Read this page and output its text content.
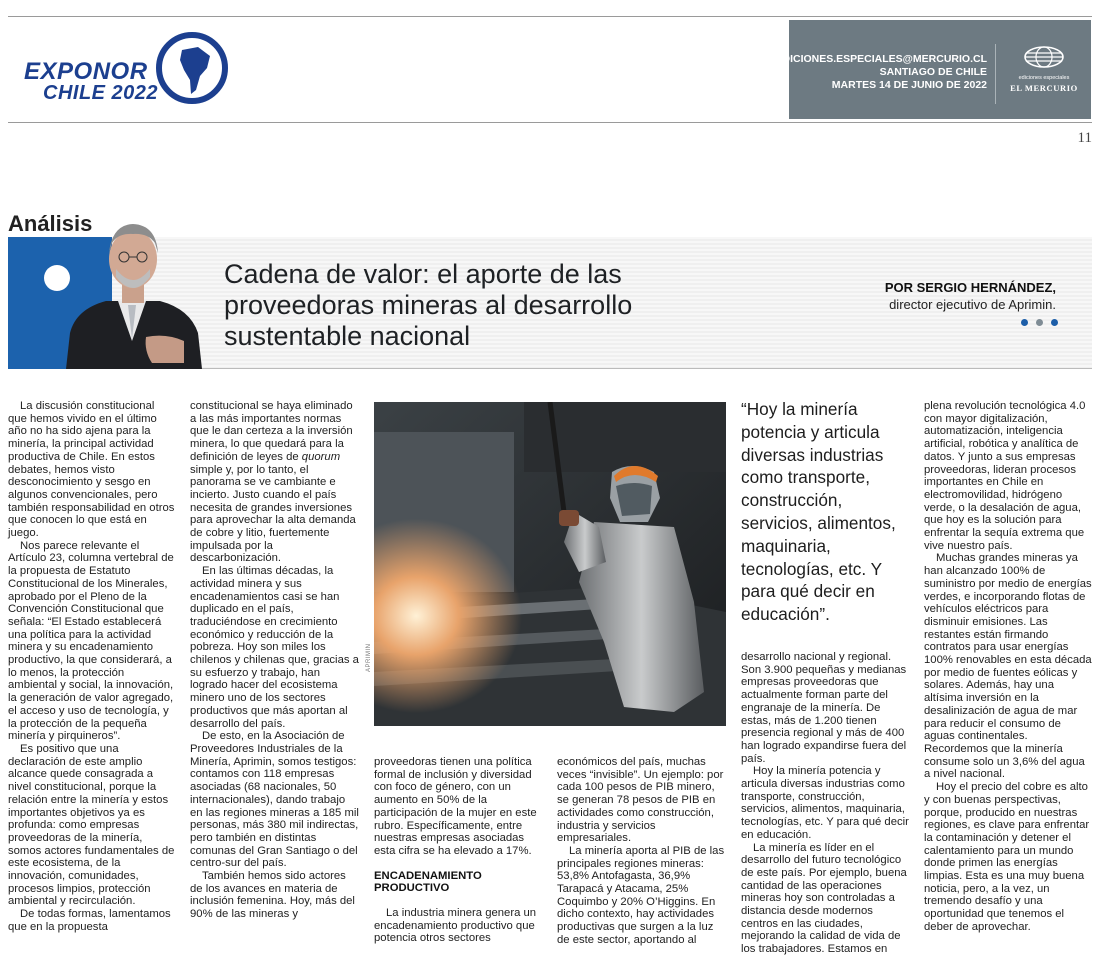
EXPONOR
CHILE 2022
EDICIONES.ESPECIALES@MERCURIO.CL
SANTIAGO DE CHILE
MARTES 14 DE JUNIO DE 2022
ediciones especiales
EL MERCURIO
11
Análisis
Cadena de valor: el aporte de las proveedoras mineras al desarrollo sustentable nacional
POR SERGIO HERNÁNDEZ,
director ejecutivo de Aprimin.

La discusión constitucional que hemos vivido en el último año no ha sido ajena para la minería, la principal actividad productiva de Chile. En estos debates, hemos visto desconocimiento y sesgo en algunos convencionales, pero también responsabilidad en otros que conocen lo que está en juego.

Nos parece relevante el Artículo 23, columna vertebral de la propuesta de Estatuto Constitucional de los Minerales, aprobado por el Pleno de la Convención Constitucional que señala: “El Estado establecerá una política para la actividad minera y su encadenamiento productivo, la que considerará, a lo menos, la protección ambiental y social, la innovación, la generación de valor agregado, el acceso y uso de tecnología, y la protección de la pequeña minería y pirquineros”.

Es positivo que una declaración de este amplio alcance quede consagrada a nivel constitucional, porque la relación entre la minería y estos importantes objetivos ya es profunda: como empresas proveedoras de la minería, somos actores fundamentales de este ecosistema, de la innovación, comunidades, procesos limpios, protección ambiental y recirculación.

De todas formas, lamentamos que en la propuesta

constitucional se haya eliminado a las más importantes normas que le dan certeza a la inversión minera, lo que quedará para la definición de leyes de quorum simple y, por lo tanto, el panorama se ve cambiante e incierto. Justo cuando el país necesita de grandes inversiones para aprovechar la alta demanda de cobre y litio, fuertemente impulsada por la descarbonización.

En las últimas décadas, la actividad minera y sus encadenamientos casi se han duplicado en el país, traduciéndose en crecimiento económico y reducción de la pobreza. Hoy son miles los chilenos y chilenas que, gracias a su esfuerzo y trabajo, han logrado hacer del ecosistema minero uno de los sectores productivos que más aportan al desarrollo del país.

De esto, en la Asociación de Proveedores Industriales de la Minería, Aprimin, somos testigos: contamos con 118 empresas asociadas (68 nacionales, 50 internacionales), dando trabajo en las regiones mineras a 185 mil personas, más 380 mil indirectas, pero también en distintas comunas del Gran Santiago o del centro-sur del país.

También hemos sido actores de los avances en materia de inclusión femenina. Hoy, más del 90% de las mineras y

APRIMIN

proveedoras tienen una política formal de inclusión y diversidad con foco de género, con un aumento en 50% de la participación de la mujer en este rubro. Específicamente, entre nuestras empresas asociadas esta cifra se ha elevado a 17%.

ENCADENAMIENTO PRODUCTIVO

La industria minera genera un encadenamiento productivo que potencia otros sectores

económicos del país, muchas veces “invisible”. Un ejemplo: por cada 100 pesos de PIB minero, se generan 78 pesos de PIB en actividades como construcción, industria y servicios empresariales.

La minería aporta al PIB de las principales regiones mineras: 53,8% Antofagasta, 36,9% Tarapacá y Atacama, 25% Coquimbo y 20% O’Higgins. En dicho contexto, hay actividades productivas que surgen a la luz de este sector, aportando al

“Hoy la minería potencia y articula diversas industrias como transporte, construcción, servicios, alimentos, maquinaria, tecnologías, etc. Y para qué decir en educación”.

desarrollo nacional y regional. Son 3.900 pequeñas y medianas empresas proveedoras que actualmente forman parte del engranaje de la minería. De estas, más de 1.200 tienen presencia regional y más de 400 han logrado expandirse fuera del país.

Hoy la minería potencia y articula diversas industrias como transporte, construcción, servicios, alimentos, maquinaria, tecnologías, etc. Y para qué decir en educación.

La minería es líder en el desarrollo del futuro tecnológico de este país. Por ejemplo, buena cantidad de las operaciones mineras hoy son controladas a distancia desde modernos centros en las ciudades, mejorando la calidad de vida de los trabajadores. Estamos en

plena revolución tecnológica 4.0 con mayor digitalización, automatización, inteligencia artificial, robótica y analítica de datos. Y junto a sus empresas proveedoras, lideran procesos importantes en Chile en electromovilidad, hidrógeno verde, o la desalación de agua, que hoy es la solución para enfrentar la sequía extrema que vive nuestro país.

Muchas grandes mineras ya han alcanzado 100% de suministro por medio de energías verdes, e incorporando flotas de vehículos eléctricos para disminuir emisiones. Las restantes están firmando contratos para usar energías 100% renovables en esta década por medio de fuentes eólicas y solares. Además, hay una altísima inversión en la desalinización de agua de mar para reducir el consumo de aguas continentales. Recordemos que la minería consume solo un 3,6% del agua a nivel nacional.

Hoy el precio del cobre es alto y con buenas perspectivas, porque, producido en nuestras regiones, es clave para enfrentar la contaminación y detener el calentamiento para un mundo donde primen las energías limpias. Esta es una muy buena noticia, pero, a la vez, un tremendo desafío y una oportunidad que tenemos el deber de aprovechar.
